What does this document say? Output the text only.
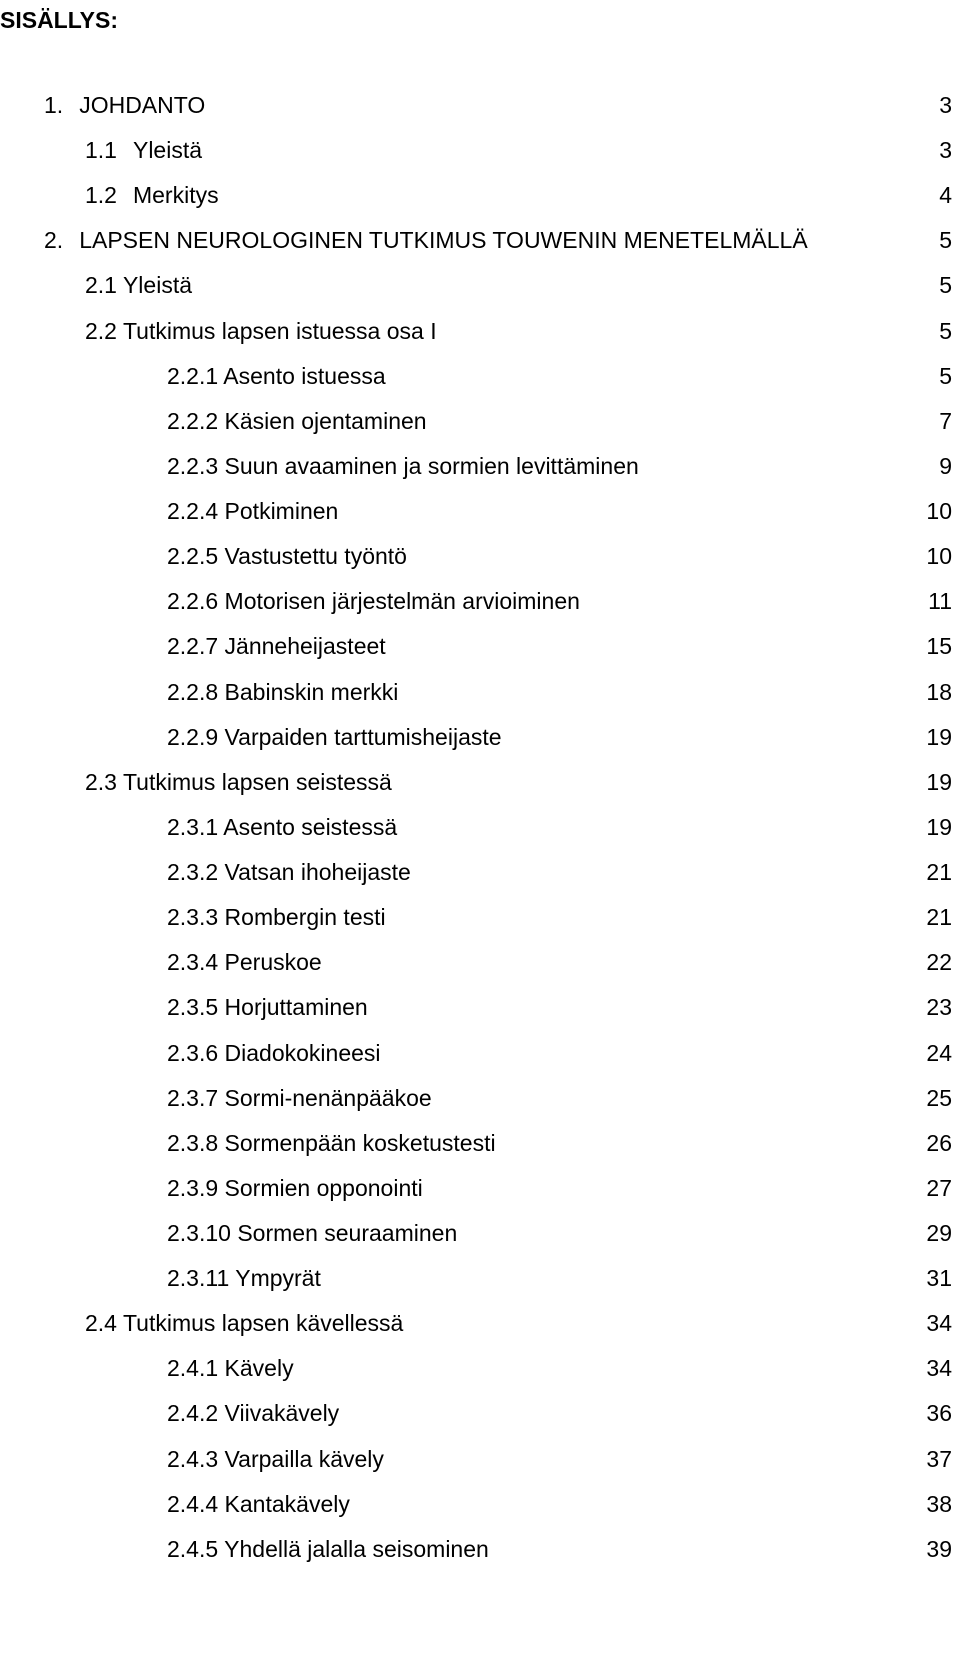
SISÄLLYS:
1. JOHDANTO	3
1.1 Yleistä	3
1.2 Merkitys	4
2. LAPSEN NEUROLOGINEN TUTKIMUS TOUWENIN MENETELMÄLLÄ	5
2.1 Yleistä	5
2.2 Tutkimus lapsen istuessa osa I	5
2.2.1 Asento istuessa	5
2.2.2 Käsien ojentaminen	7
2.2.3 Suun avaaminen ja sormien levittäminen	9
2.2.4 Potkiminen	10
2.2.5 Vastustettu työntö	10
2.2.6 Motorisen järjestelmän arvioiminen	11
2.2.7 Jänneheijasteet	15
2.2.8 Babinskin merkki	18
2.2.9 Varpaiden tarttumisheijaste	19
2.3 Tutkimus lapsen seistessä	19
2.3.1 Asento seistessä	19
2.3.2 Vatsan ihoheijaste	21
2.3.3 Rombergin testi	21
2.3.4 Peruskoe	22
2.3.5 Horjuttaminen	23
2.3.6 Diadokokineesi	24
2.3.7 Sormi-nenänpääkoe	25
2.3.8 Sormenpään kosketustesti	26
2.3.9 Sormien opponointi	27
2.3.10 Sormen seuraaminen	29
2.3.11 Ympyrät	31
2.4 Tutkimus lapsen kävellessä	34
2.4.1 Kävely	34
2.4.2 Viivakävely	36
2.4.3 Varpailla kävely	37
2.4.4 Kantakävely	38
2.4.5 Yhdellä jalalla seisominen	39
